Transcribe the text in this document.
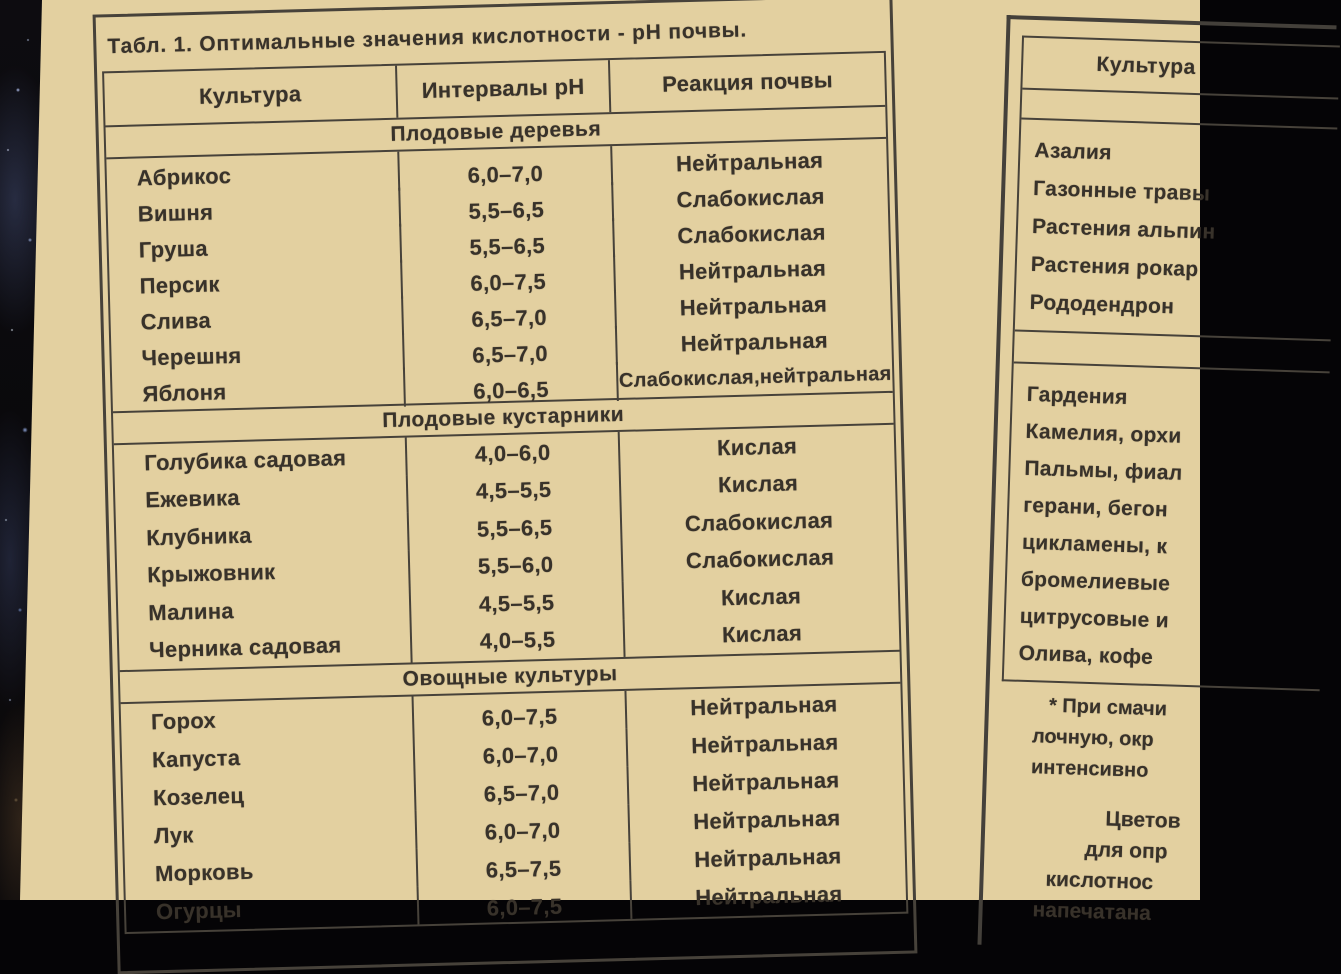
Табл. 1. Оптимальные значения кислотности - pH почвы.
Культура	Интервалы pH	Реакция почвы
Плодовые деревья
Абрикос	6,0–7,0	Нейтральная
Вишня	5,5–6,5	Слабокислая
Груша	5,5–6,5	Слабокислая
Персик	6,0–7,5	Нейтральная
Слива	6,5–7,0	Нейтральная
Черешня	6,5–7,0	Нейтральная
Яблоня	6,0–6,5	Слабокислая,нейтральная
Плодовые кустарники
Голубика садовая	4,0–6,0	Кислая
Ежевика	4,5–5,5	Кислая
Клубника	5,5–6,5	Слабокислая
Крыжовник	5,5–6,0	Слабокислая
Малина	4,5–5,5	Кислая
Черника садовая	4,0–5,5	Кислая
Овощные культуры
Горох	6,0–7,5	Нейтральная
Капуста	6,0–7,0	Нейтральная
Козелец	6,5–7,0	Нейтральная
Лук	6,0–7,0	Нейтральная
Морковь	6,5–7,5	Нейтральная
Огурцы	6,0–7,5	Нейтральная
Культура
Азалия
Газонные травы
Растения альпин
Растения рокар
Рододендрон
Гардения
Камелия, орхи
Пальмы, фиал
герани, бегон
цикламены, к
бромелиевые
цитрусовые и
Олива, кофе
* При смачи
лочную, окр
интенсивно
Цветов
для опр
кислотнос
напечатана
